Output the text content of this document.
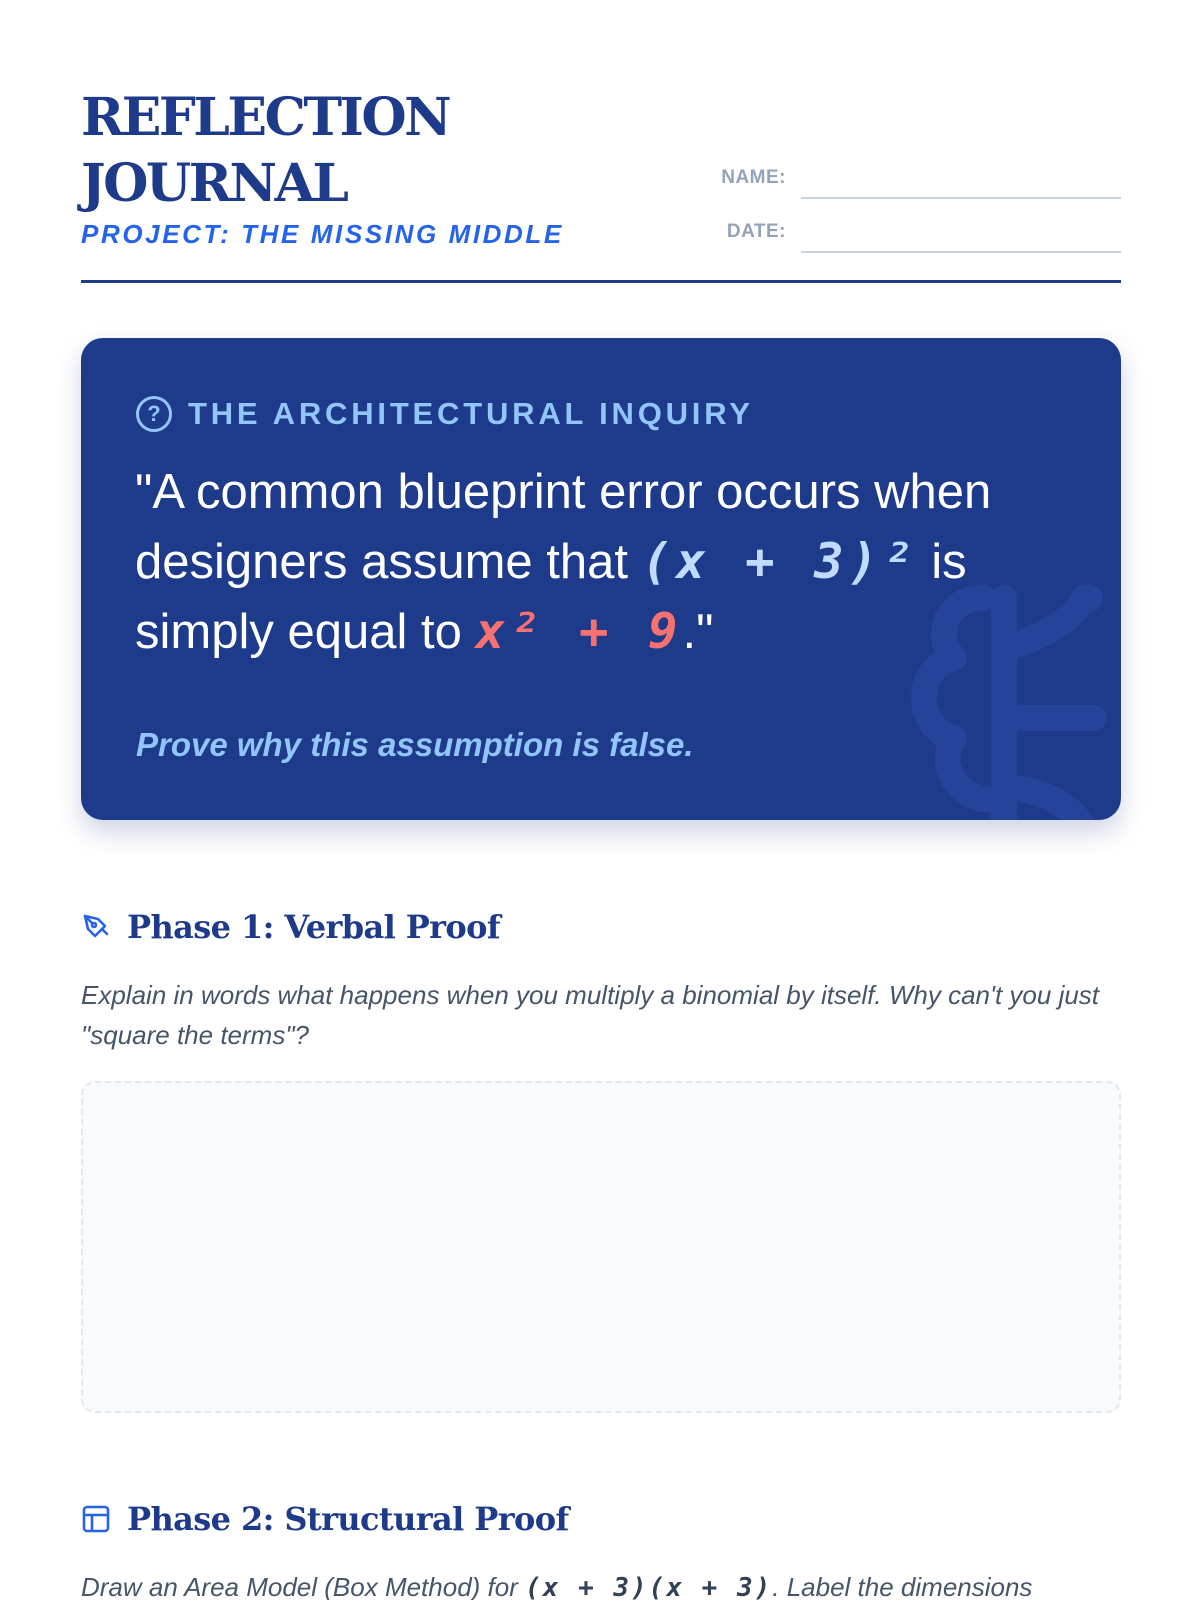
REFLECTION
JOURNAL
PROJECT: THE MISSING MIDDLE
NAME:
DATE:
? THE ARCHITECTURAL INQUIRY
"A common blueprint error occurs when designers assume that (x + 3)² is simply equal to x² + 9."
Prove why this assumption is false.
Phase 1: Verbal Proof
Explain in words what happens when you multiply a binomial by itself. Why can't you just "square the terms"?
Phase 2: Structural Proof
Draw an Area Model (Box Method) for (x + 3)(x + 3). Label the dimensions
